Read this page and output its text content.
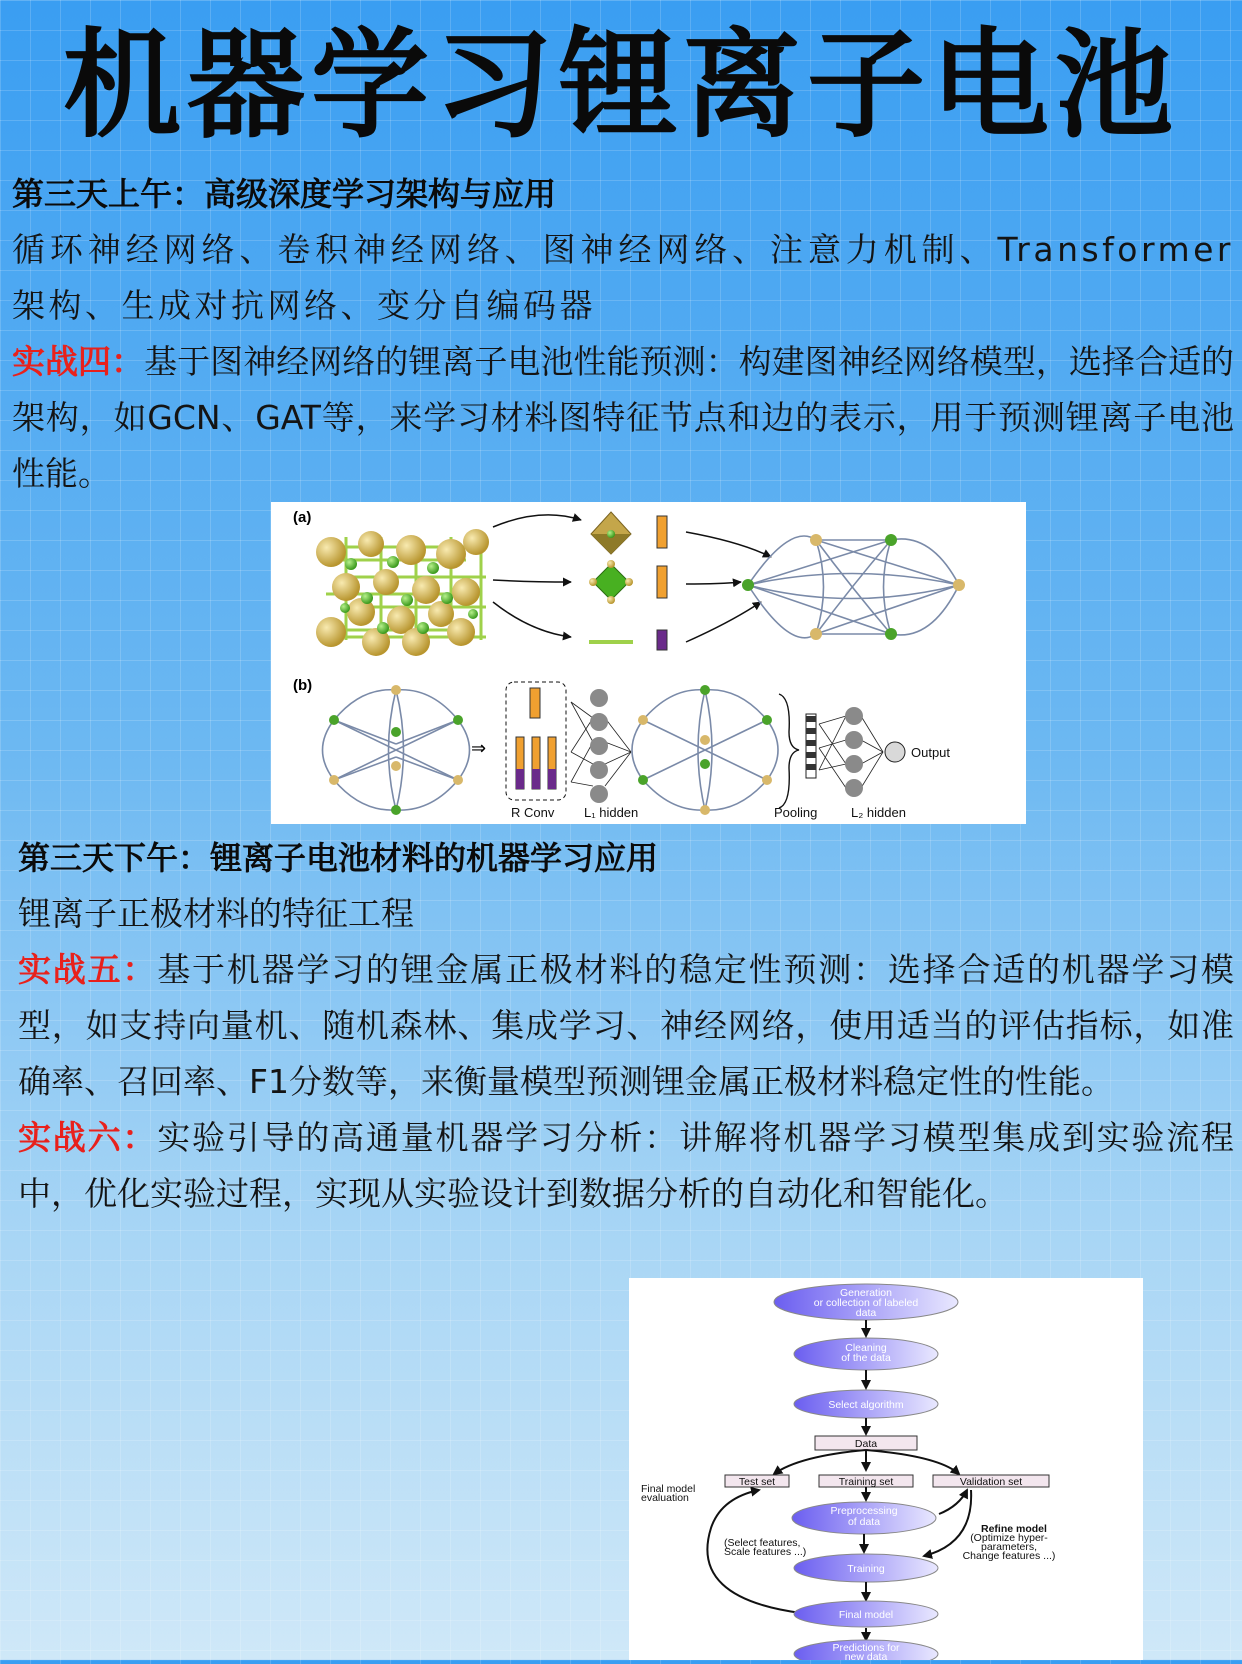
机器学习锂离子电池
第三天上午：高级深度学习架构与应用
循环神经网络、卷积神经网络、图神经网络、注意力机制、Transformer架构、生成对抗网络、变分自编码器
实战四：基于图神经网络的锂离子电池性能预测：构建图神经网络模型，选择合适的架构，如GCN、GAT等，来学习材料图特征节点和边的表示，用于预测锂离子电池性能。
(a)
(b)
⇒	Output
R Conv L₁ hidden	Pooling	L₂ hidden
第三天下午：锂离子电池材料的机器学习应用
锂离子正极材料的特征工程
实战五：基于机器学习的锂金属正极材料的稳定性预测：选择合适的机器学习模型，如支持向量机、随机森林、集成学习、神经网络，使用适当的评估指标，如准确率、召回率、F1分数等，来衡量模型预测锂金属正极材料稳定性的性能。
实战六：实验引导的高通量机器学习分析：讲解将机器学习模型集成到实验流程中，优化实验过程，实现从实验设计到数据分析的自动化和智能化。
Generation
or collection of labeled
data
Cleaning
of the data
Select algorithm
Data
Test set	Training set	Validation set
Final model
evaluation
Preprocessing
of data
(Select features,
Scale features ...)
Training
Refine model
(Optimize hyper-
parameters,
Change features ...)
Final model
Predictions for
new data
